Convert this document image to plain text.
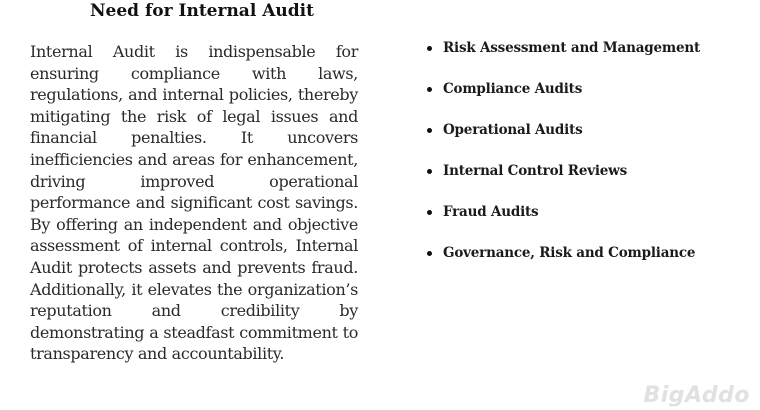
Need for Internal Audit

Internal Audit is indispensable for ensuring compliance with laws, regulations, and internal policies, thereby mitigating the risk of legal issues and financial penalties. It uncovers inefficiencies and areas for enhancement, driving improved operational performance and significant cost savings. By offering an independent and objective assessment of internal controls, Internal Audit protects assets and prevents fraud. Additionally, it elevates the organization’s reputation and credibility by demonstrating a steadfast commitment to transparency and accountability.

Risk Assessment and Management
Compliance Audits
Operational Audits
Internal Control Reviews
Fraud Audits
Governance, Risk and Compliance
BigAddo
